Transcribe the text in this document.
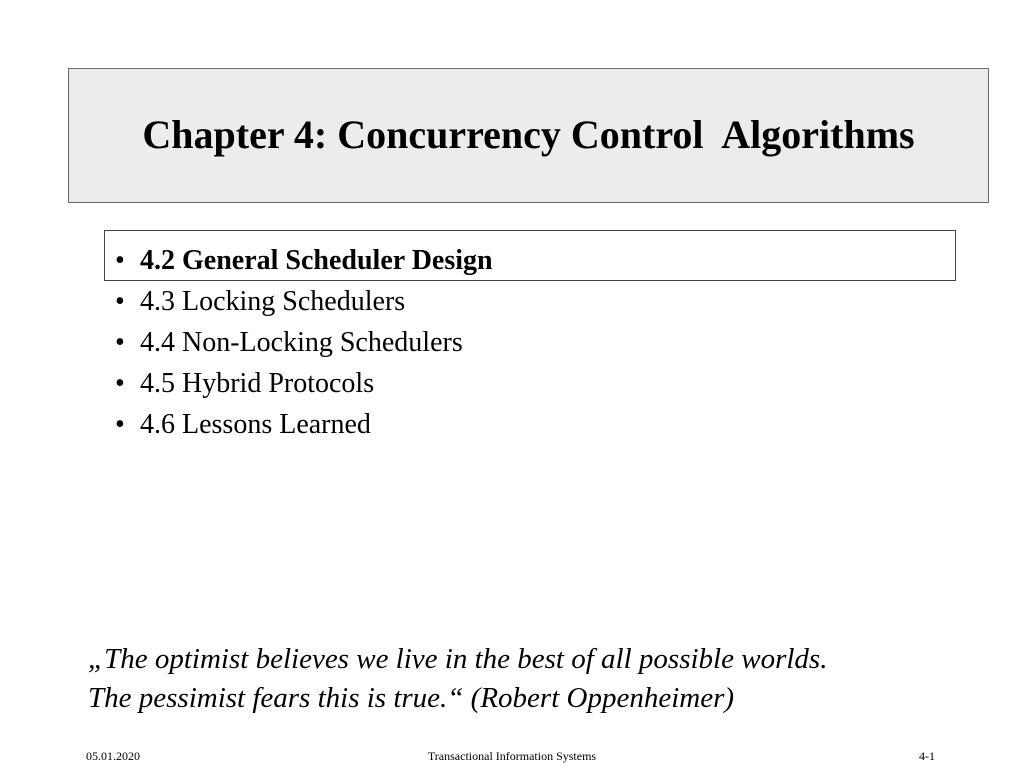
Chapter 4: Concurrency Control  Algorithms
• 4.2 General Scheduler Design
• 4.3 Locking Schedulers
• 4.4 Non-Locking Schedulers
• 4.5 Hybrid Protocols
• 4.6 Lessons Learned
„The optimist believes we live in the best of all possible worlds.
The pessimist fears this is true.“ (Robert Oppenheimer)
05.01.2020	Transactional Information Systems	4-1
